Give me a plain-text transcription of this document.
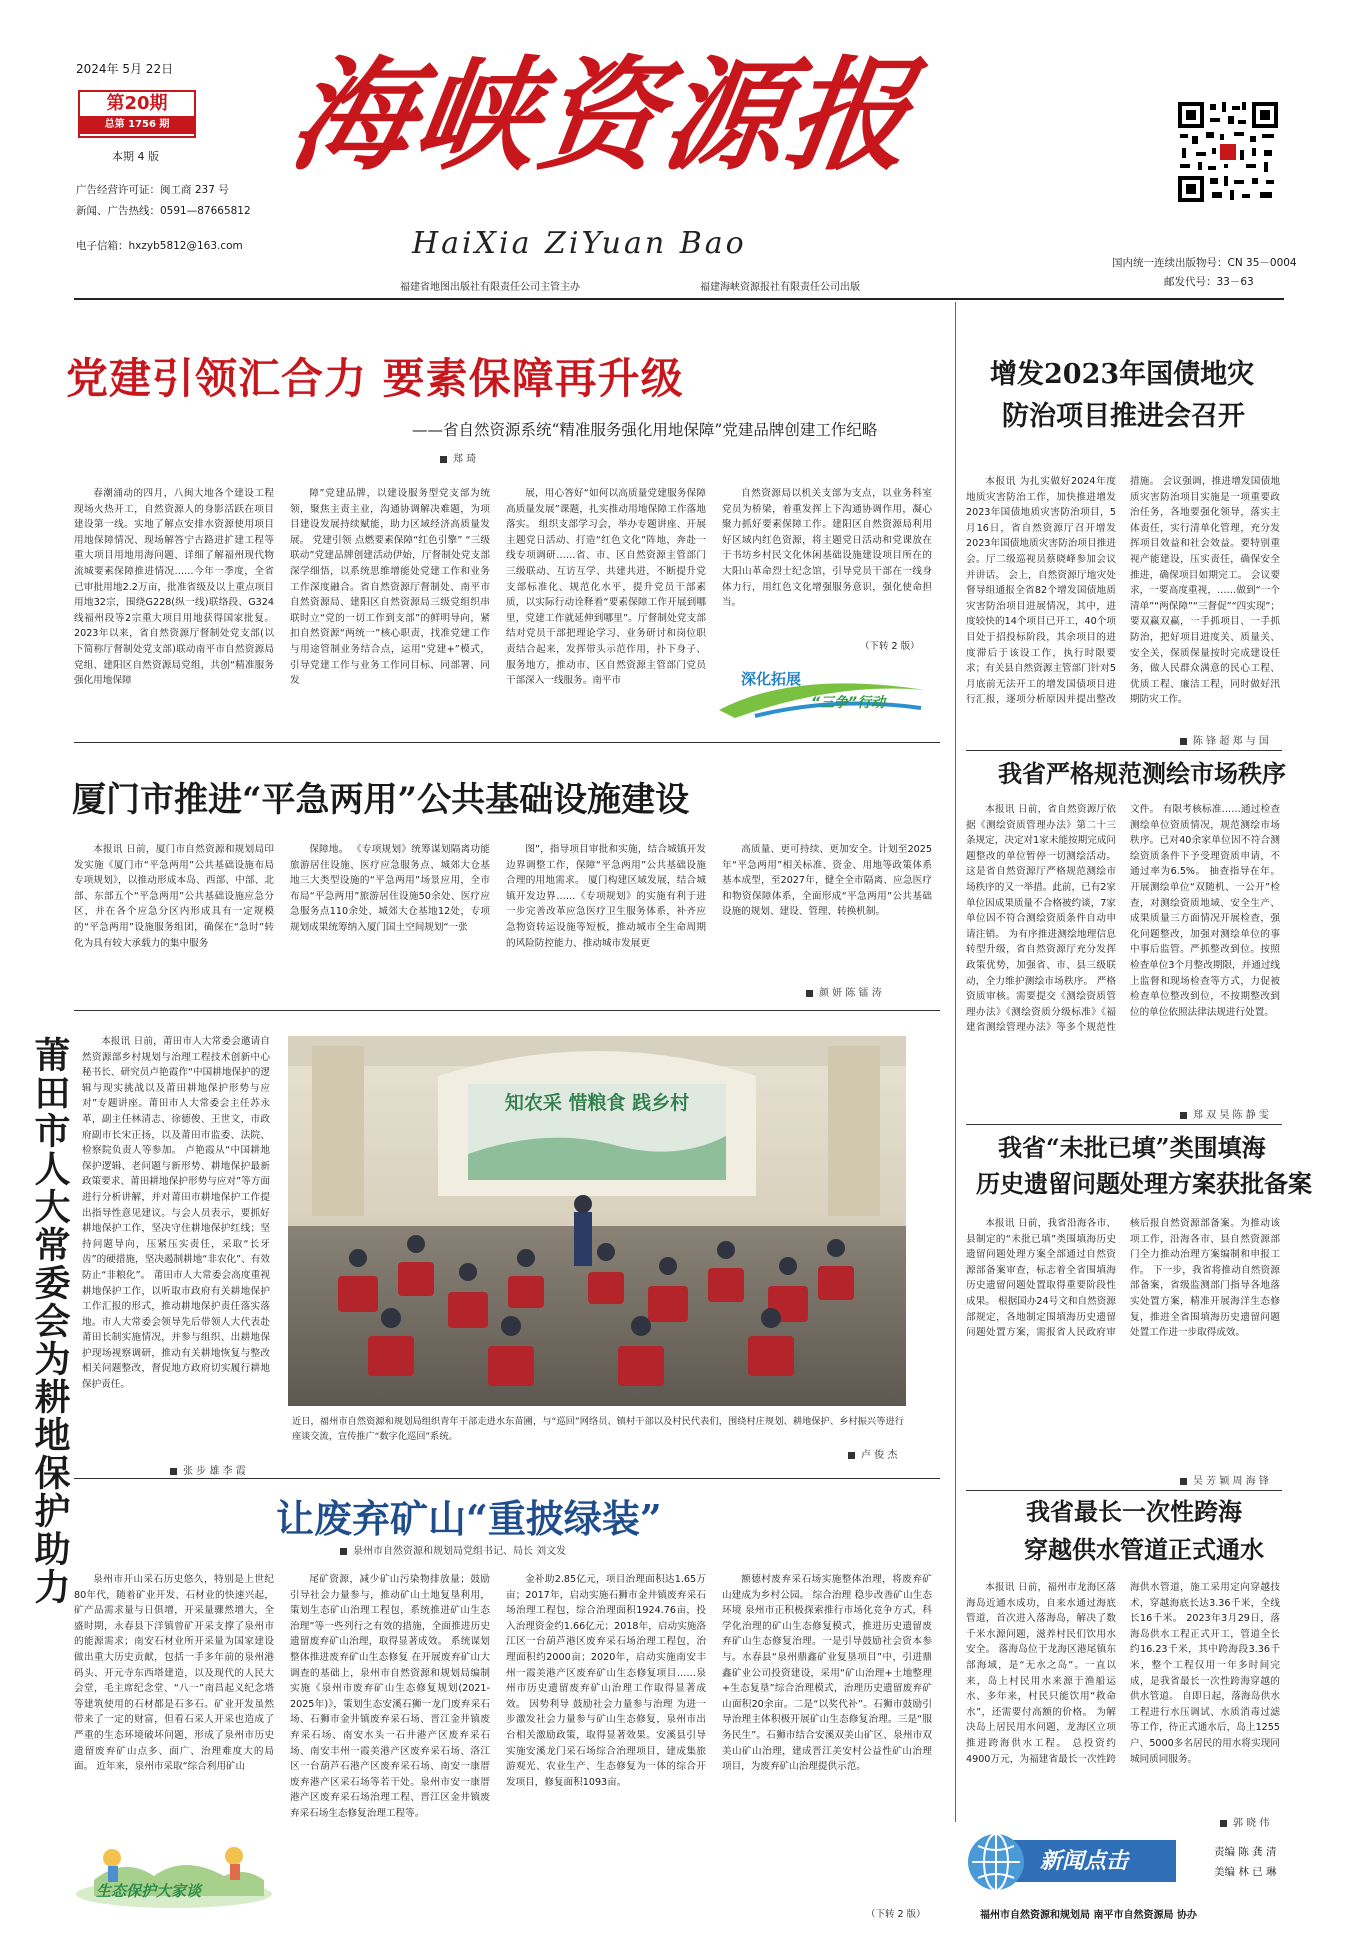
2024年 5月 22日
第20期
总第 1756 期
本期 4 版
广告经营许可证：闽工商 237 号
新闻、广告热线：0591—87665812
电子信箱：hxzyb5812@163.com
海峡资源报
HaiXia ZiYuan Bao
福建省地图出版社有限责任公司主管主办	福建海峡资源报社有限责任公司出版
国内统一连续出版物号：CN 35－0004
邮发代号：33－63
党建引领汇合力 要素保障再升级
——省自然资源系统“精准服务强化用地保障”党建品牌创建工作纪略
郑 琦

春潮涌动的四月，八闽大地各个建设工程现场火热开工，自然资源人的身影活跃在项目建设第一线。实地了解点安排水资源使用项目用地保障情况、现场解答宁古路进扩建工程等重大项目用地用海问题、详细了解福州现代物流城要素保障推进情况……今年一季度，全省已审批用地2.2万亩，批准省级及以上重点项目用地32宗，围绕G228(纵一线)联络段、G324线福州段等2宗重大项目用地获得国家批复。 2023年以来，省自然资源厅督制处党支部(以下简称厅督制处党支部)联动南平市自然资源局党组、建阳区自然资源局党组，共创“精准服务强化用地保障

障”党建品牌，以建设服务型党支部为统领，聚焦主责主业，沟通协调解决难题，为项目建设发展持续赋能，助力区域经济高质量发展。 党建引领 点燃要素保障“红色引擎” “三级联动”党建品牌创建活动伊始，厅督制处党支部深学细悟，以系统思维增能处党建工作和业务工作深度融合。省自然资源厅督制处、南平市自然资源局、建阳区自然资源局三级党组织串联时立“党的一切工作到支部”的鲜明导向，紧扣自然资源“两统一”核心职责，找准党建工作与用途管制业务结合点，运用“党建+”模式，引导党建工作与业务工作同目标、同部署、同发

展，用心答好“如何以高质量党建服务保障高质量发展”课题，扎实推动用地保障工作落地落实。 组织支部学习会，举办专题讲座、开展主题党日活动、打造“红色文化”阵地，奔赴一线专项调研……省、市、区自然资源主管部门三级联动、互访互学、共建共进，不断提升党支部标准化、规范化水平，提升党员干部素质，以实际行动诠释着“要素保障工作开展到哪里，党建工作就延伸到哪里”。厅督制处党支部结对党员干部把理论学习、业务研讨和岗位职责结合起来，发挥带头示范作用，扑下身子、服务地方，推动市、区自然资源主管部门党员干部深入一线服务。南平市

自然资源局以机关支部为支点，以业务科室党员为桥梁，着重发挥上下沟通协调作用，凝心聚力抓好要素保障工作。建阳区自然资源局利用好区域内红色资源，将主题党日活动和党课放在于书坊乡村民文化休闲基础设施建设项目所在的大阳山革命烈士纪念馆，引导党员干部在一线身体力行，用红色文化增强服务意识，强化使命担当。

（下转 2 版）
深化拓展
“三争”行动
厦门市推进“平急两用”公共基础设施建设

本报讯 日前，厦门市自然资源和规划局印发实施《厦门市“平急两用”公共基础设施布局专项规划》，以推动形成本岛、西部、中部、北部、东部五个“平急两用”公共基础设施应急分区，并在各个应急分区内形成具有一定规模的“平急两用”设施服务组团，确保在“急时”转化为具有较大承载力的集中服务

保障地。 《专项规划》统筹谋划隔离功能旅游居住设施、医疗应急服务点、城郊大仓基地三大类型设施的“平急两用”场景应用，全市布局“平急两用”旅游居住设施50余处、医疗应急服务点110余处、城郊大仓基地12处，专项规划成果统筹纳入厦门国土空间规划“一张

图”，指导项目审批和实施，结合城镇开发边界调整工作，保障“平急两用”公共基础设施合理的用地需求。 厦门构建区域发展，结合城镇开发边界……《专项规划》的实施有利于进一步完善改革应急医疗卫生服务体系，补齐应急物资转运设施等短板，推动城市全生命周期的风险防控能力、推动城市发展更

高质量、更可持续、更加安全。计划至2025年“平急两用”相关标准、资金、用地等政策体系基本成型，至2027年，健全全市隔离、应急医疗和物资保障体系，全面形成“平急两用”公共基础设施的规划、建设、管理、转换机制。

颜 妍 陈 镭 涛
莆田市人大常委会为耕地保护助力	本报讯 日前，莆田市人大常委会邀请自然资源部乡村规划与治理工程技术创新中心秘书长、研究员卢艳霞作“中国耕地保护的逻辑与现实挑战以及莆田耕地保护形势与应对”专题讲座。莆田市人大常委会主任苏永革，副主任林清志、徐德俊、王世文，市政府副市长宋正扬，以及莆田市监委、法院、检察院负责人等参加。 卢艳霞从“中国耕地保护逻辑、老问题与新形势、耕地保护最新政策要求、莆田耕地保护形势与应对”等方面进行分析讲解，并对莆田市耕地保护工作提出指导性意见建议。与会人员表示，要抓好耕地保护工作，坚决守住耕地保护红线；坚持问题导向，压紧压实责任，采取“长牙齿”的硬措施，坚决遏制耕地“非农化”、有效防止“非粮化”。 莆田市人大常委会高度重视耕地保护工作，以听取市政府有关耕地保护工作汇报的形式，推动耕地保护责任落实落地。市人大常委会领导先后带领人大代表赴莆田长制实施情况，并参与组织、出耕地保护现场视察调研，推动有关耕地恢复与整改相关问题整改，督促地方政府切实履行耕地保护责任。

张 步 雄 李 霞
知农采 惜粮食 践乡村
近日，福州市自然资源和规划局组织青年干部走进水东苗圃，与“巡回”网络员、镇村干部以及村民代表们，围绕村庄规划、耕地保护、乡村振兴等进行座谈交流，宣传推广“数字化巡回”系统。
卢 俊 杰
让废弃矿山“重披绿装”
泉州市自然资源和规划局党组书记、局长 刘文发

泉州市开山采石历史悠久，特别是上世纪80年代，随着矿业开发、石材业的快速兴起，矿产品需求量与日俱增，开采量骤然增大，全盛时期，永春县下洋镇曾矿开采支撑了泉州市的能源需求；南安石材业所开采量为国家建设做出重大历史贡献，包括一手多年前的泉州港码头、开元寺东西塔建造，以及现代的人民大会堂，毛主席纪念堂、“八一”南昌起义纪念塔等建筑使用的石材都是石多石。矿业开发虽然带来了一定的财富，但看石采人开采也造成了严重的生态环境破坏问题，形成了泉州市历史遗留废弃矿山点多、面广、治理难度大的局面。 近年来，泉州市采取“综合利用矿山

尾矿资源，减少矿山污染物排放量；鼓励引导社会力量参与，推动矿山土地复垦利用，策划生态矿山治理工程包，系统推进矿山生态治理”等一些列行之有效的措施，全面推进历史遗留废弃矿山治理，取得显著成效。 系统谋划 整体推进废弃矿山生态修复 在开展废弃矿山大调查的基础上，泉州市自然资源和规划局编制实施《泉州市废弃矿山生态修复规划(2021-2025年)》，策划生态安溪石狮一龙门废弃采石场、石狮市金井镇废弃采石场、晋江金井镇废弃采石场、南安水头一石井港产区废弃采石场、南安丰州一霞美港产区废弃采石场、洛江区一台葫芦石港产区废弃采石场、南安一康厝废弃港产区采石场等若干处。泉州市安一康厝港产区废弃采石场治理工程、晋江区金井镇废弃采石场生态修复治理工程等。

金补助2.85亿元，项目治理面积达1.65万亩；2017年，启动实施石狮市金井镇废弃采石场治理工程包，综合治理面积1924.76亩，投入治理资金约1.66亿元；2018年，启动实施洛江区一台葫芦港区废弃采石场治理工程包，治理面积约2000亩；2020年，启动实施南安丰州一霞美港产区废弃矿山生态修复项目……泉州市历史遗留废弃矿山治理工作取得显著成效。 因势利导 鼓励社会力量参与治理 为进一步激发社会力量参与矿山生态修复，泉州市出台相关激励政策，取得显著效果。安溪县引导实施安溪龙门采石场综合治理项目，建成集旅游观光、农业生产、生态修复为一体的综合开发项目，修复面积1093亩。

额德村废弃采石场实施整体治理，将废弃矿山建成为乡村公园。 综合治理 稳步改善矿山生态环境 泉州市正积极探索推行市场化竞争方式，科学化治理的矿山生态修复模式，推进历史遗留废弃矿山生态修复治理。一是引导鼓励社会资本参与。水春县“泉州鼎鑫矿业复垦项目”中，引进鼎鑫矿业公司投资建设，采用“矿山治理+土地整理+生态复垦”综合治理模式，治理历史遗留废弃矿山面积20余亩。二是“以奖代补”。石狮市鼓励引导治理主体积极开展矿山生态修复治理。三是“服务民生”。石狮市结合安溪双美山矿区、泉州市双美山矿山治理，建成晋江美安村公益性矿山治理项目，为废弃矿山治理提供示范。

（下转 2 版）
生态保护大家谈
增发2023年国债地灾
防治项目推进会召开

本报讯 为扎实做好2024年度地质灾害防治工作，加快推进增发2023年国债地质灾害防治项目，5月16日，省自然资源厅召开增发2023年国债地质灾害防治项目推进会。厅二级巡视员蔡晓峰参加会议并讲话。 会上，自然资源厅地灾处督导组通报全省82个增发国债地质灾害防治项目进展情况，其中，进度较快的14个项目已开工，40个项目处于招投标阶段，其余项目的进度滞后于该设工作，执行时限要求；有关县自然资源主管部门针对5月底前无法开工的增发国债项目进行汇报，逐项分析原因并提出整改措施。 会议强调，推进增发国债地质灾害防治项目实施是一项重要政治任务，各地要强化领导，落实主体责任，实行清单化管理，充分发挥项目效益和社会效益。要特别重视产能建设，压实责任，确保安全推进，确保项目如期完工。 会议要求，一要高度重视，……做到“一个清单”“两保障”“三督促”“四实现”；要双赢双赢，一手抓项目、一手抓防治，把好项目进度关、质量关、安全关，保质保量按时完成建设任务，做人民群众满意的民心工程、优质工程、廉洁工程，同时做好汛期防灾工作。

陈 锋 超 郑 与 国
我省严格规范测绘市场秩序

本报讯 日前，省自然资源厅依据《测绘资质管理办法》第二十三条规定，决定对1家未能按期完成问题整改的单位暂停一切测绘活动。这是省自然资源厅严格规范测绘市场秩序的又一举措。此前，已有2家单位因成果质量不合格被约谈，7家单位因不符合测绘资质条件自动申请注销。 为有序推进测绘地理信息转型升级，省自然资源厅充分发挥政策优势，加强省、市、县三级联动，全力维护测绘市场秩序。 严格资质审核。需要提交《测绘资质管理办法》《测绘资质分级标准》《福建省测绘管理办法》等多个规范性文件。 有限考核标准……通过检查测绘单位资质情况，规范测绘市场秩序。已对40余家单位因不符合测绘资质条件下予受理资质申请，不通过率为6.5%。 抽查指导在年。开展测绘单位“双随机、一公开”检查，对测绘资质地域、安全生产、成果质量三方面情况开展检查，强化问题整改，加强对测绘单位的事中事后监管。严抓整改到位。按照检查单位3个月整改期限，并通过线上监督和现场检查等方式，力促被检查单位整改到位，不按期整改到位的单位依照法律法规进行处置。

郑 双 昊 陈 静 雯
我省“未批已填”类围填海
历史遗留问题处理方案获批备案

本报讯 日前，我省沿海各市、县制定的“未批已填”类围填海历史遗留问题处理方案全部通过自然资源部备案审查，标志着全省围填海历史遗留问题处置取得重要阶段性成果。 根据国办24号文和自然资源部规定，各地制定围填海历史遗留问题处置方案，需报省人民政府审核后报自然资源部备案。为推动该项工作，沿海各市、县自然资源部门全力推动治理方案编制和申报工作。 下一步，我省将推动自然资源部备案，省级监测部门指导各地落实处置方案，精准开展海洋生态修复，推进全省围填海历史遗留问题处置工作进一步取得成效。

吴 芳 颖 周 海 锋
我省最长一次性跨海
穿越供水管道正式通水

本报讯 日前，福州市龙海区落海岛近通水成功，自来水通过海底管道，首次进入落海岛，解决了数千米水源问题，滋养村民们饮用水安全。 落海岛位于龙海区港尾镇东部海域，是“无水之岛”。一直以来，岛上村民用水来源于渔船运水、多年来，村民只能饮用“救命水”，还需要付高额的价格。 为解决岛上居民用水问题，龙海区立项推进跨海供水工程。 总投资约4900万元，为福建省最长一次性跨海供水管道，施工采用定向穿越技术，穿越海底长达3.36千米，全线长16千米。 2023年3月29日，落海岛供水工程正式开工，管道全长约16.23千米，其中跨海段3.36千米，整个工程仅用一年多时间完成，是我省最长一次性跨海穿越的供水管道。 自即日起，落海岛供水工程进行水压调试、水质消毒过滤等工作，待正式通水后，岛上1255户、5000多名居民的用水将实现同城同质同服务。

郭 晓 伟
新闻点击	责编 陈 龚 清
美编 林 已 琳
福州市自然资源和规划局 南平市自然资源局 协办
